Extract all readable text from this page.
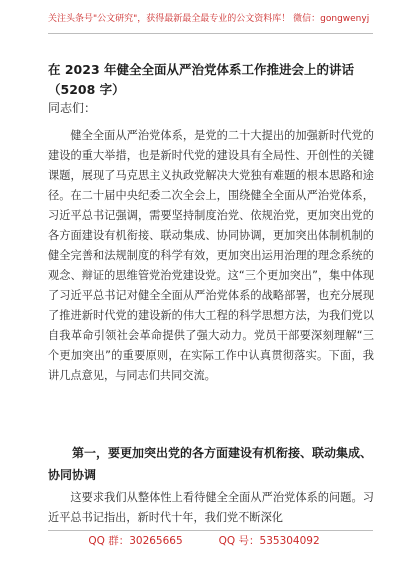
关注头条号"公文研究"，获得最新最全最专业的公文资料库！ 微信：gongwenyj
在 2023 年健全全面从严治党体系工作推进会上的讲话
（5208 字）
同志们：

健全全面从严治党体系，是党的二十大提出的加强新时代党的建设的重大举措，也是新时代党的建设具有全局性、开创性的关键课题，展现了马克思主义执政党解决大党独有难题的根本思路和途径。在二十届中央纪委二次全会上，围绕健全全面从严治党体系，习近平总书记强调，需要坚持制度治党、依规治党，更加突出党的各方面建设有机衔接、联动集成、协同协调，更加突出体制机制的健全完善和法规制度的科学有效，更加突出运用治理的理念系统的观念、辩证的思维管党治党建设党。这“三个更加突出”，集中体现了习近平总书记对健全全面从严治党体系的战略部署，也充分展现了推进新时代党的建设新的伟大工程的科学思想方法，为我们党以自我革命引领社会革命提供了强大动力。党员干部要深刻理解“三个更加突出”的重要原则，在实际工作中认真贯彻落实。下面，我讲几点意见，与同志们共同交流。

第一，要更加突出党的各方面建设有机衔接、联动集成、协同协调

这要求我们从整体性上看待健全全面从严治党体系的问题。习近平总书记指出，新时代十年，我们党不断深化

QQ 群：30265665	QQ 号：535304092
